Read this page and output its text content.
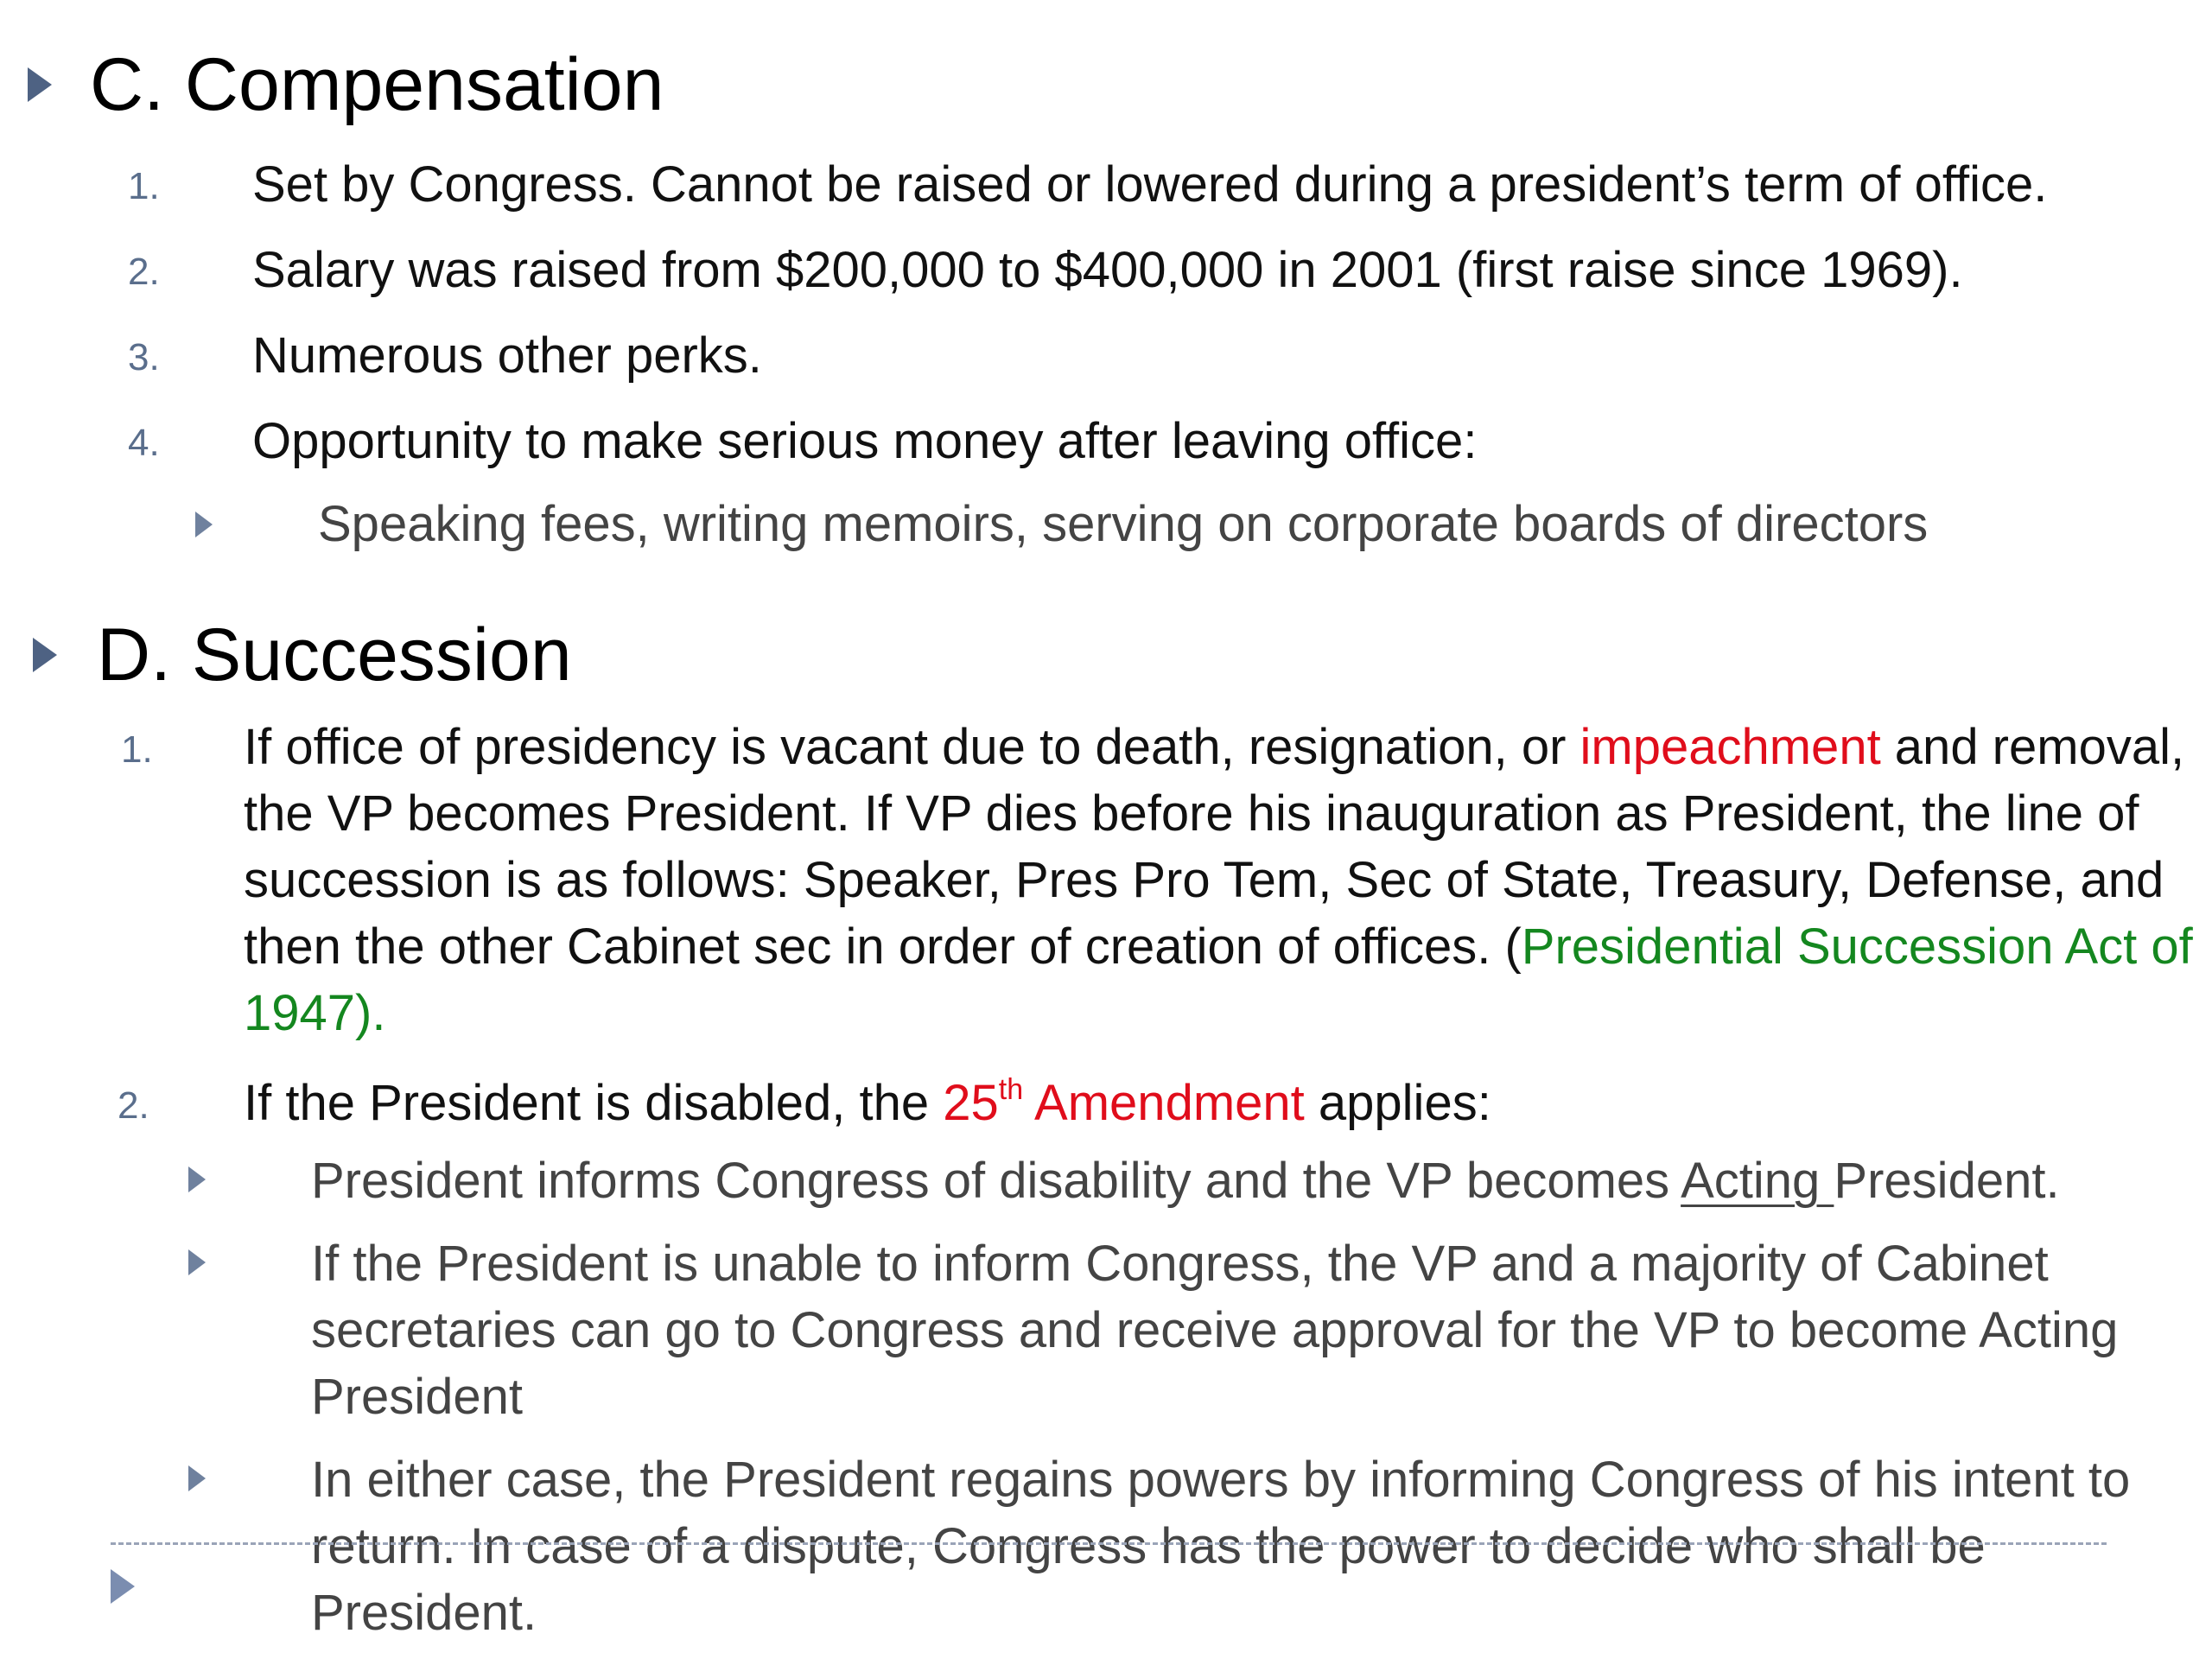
C. Compensation
1. Set by Congress. Cannot be raised or lowered during a president’s term of office.
2. Salary was raised from $200,000 to $400,000 in 2001 (first raise since 1969).
3. Numerous other perks.
4. Opportunity to make serious money after leaving office:
Speaking fees, writing memoirs, serving on corporate boards of directors
D. Succession
1. If office of presidency is vacant due to death, resignation, or impeachment and removal, the VP becomes President. If VP dies before his inauguration as President, the line of succession is as follows: Speaker, Pres Pro Tem, Sec of State, Treasury, Defense, and then the other Cabinet sec in order of creation of offices. (Presidential Succession Act of 1947).
2. If the President is disabled, the 25th Amendment applies:
President informs Congress of disability and the VP becomes Acting President.
If the President is unable to inform Congress, the VP and a majority of Cabinet secretaries can go to Congress and receive approval for the VP to become Acting President
In either case, the President regains powers by informing Congress of his intent to return. In case of a dispute, Congress has the power to decide who shall be President.
